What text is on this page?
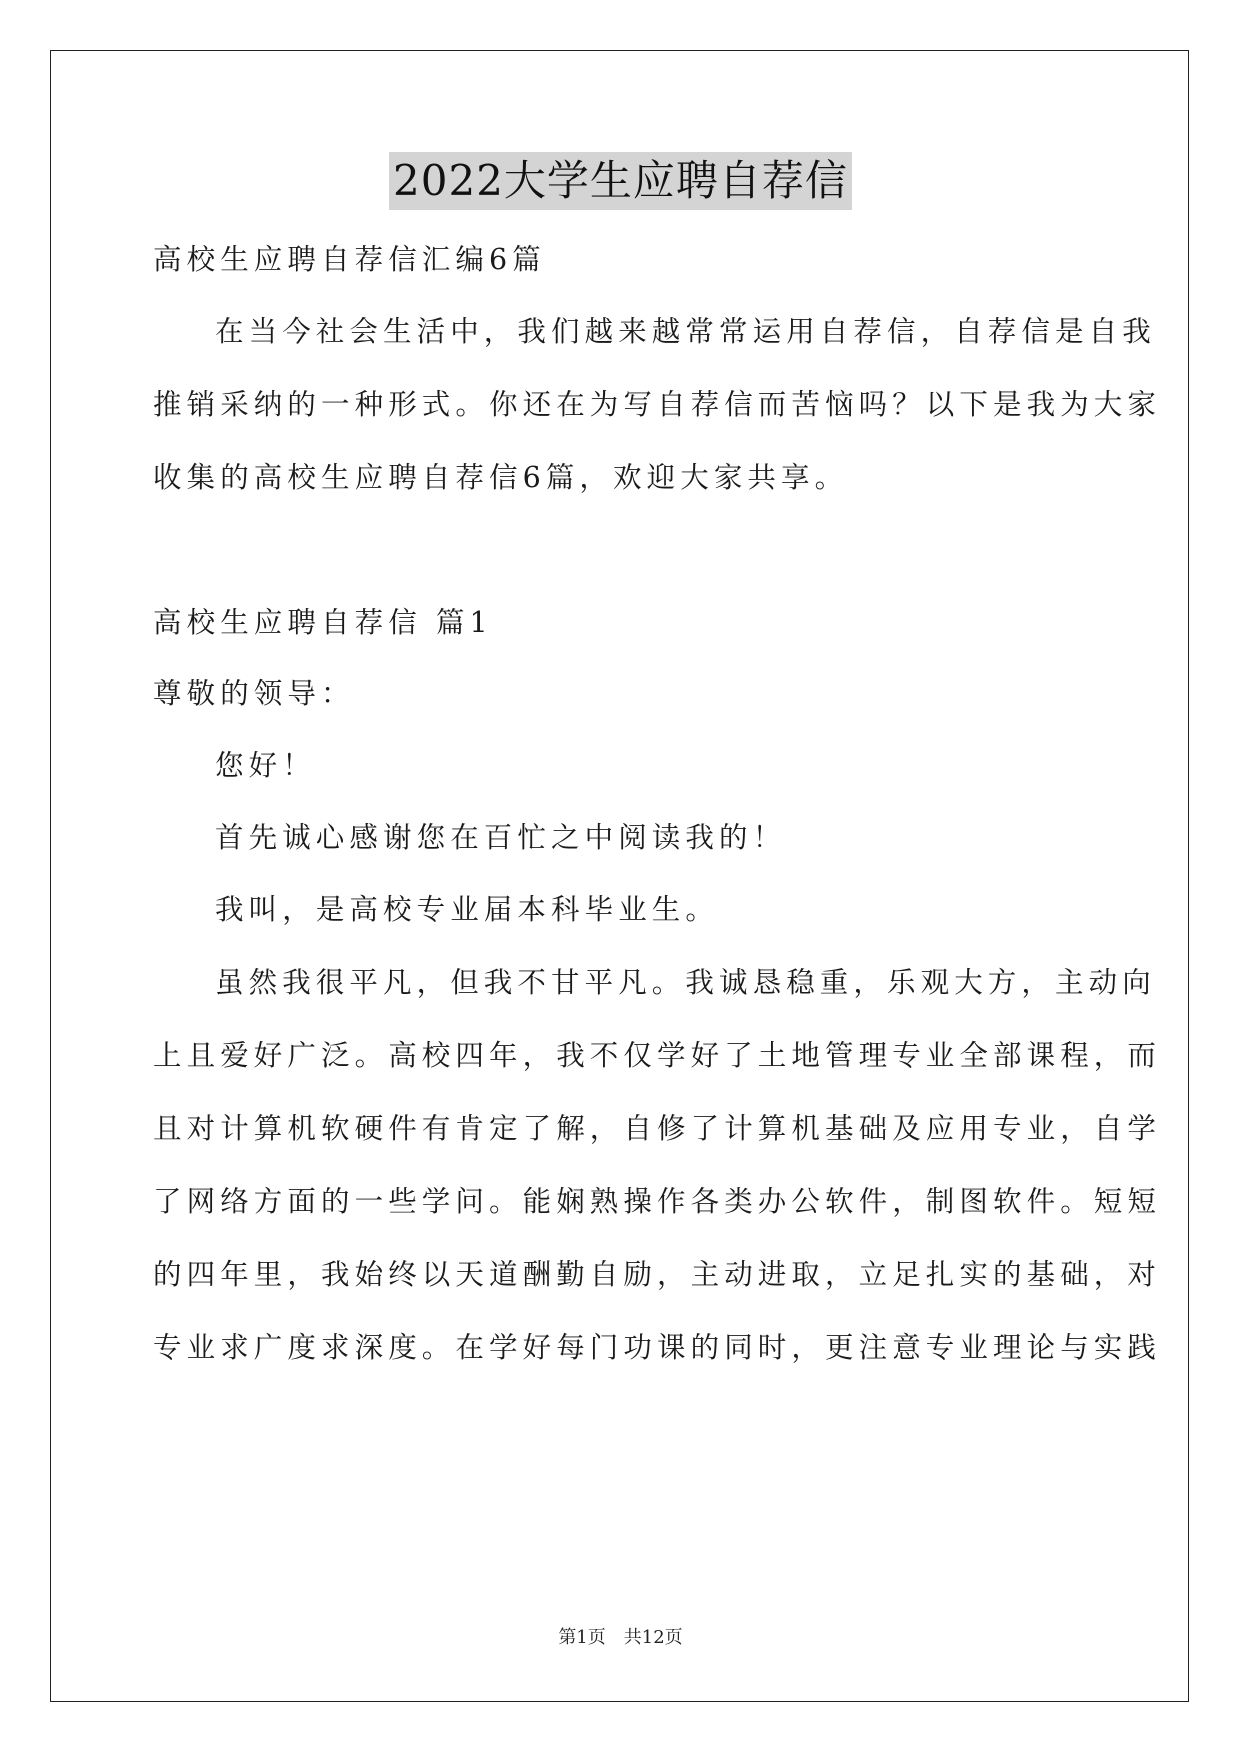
2022大学生应聘自荐信
高校生应聘自荐信汇编6篇
在当今社会生活中，我们越来越常常运用自荐信，自荐信是自我
推销采纳的一种形式。你还在为写自荐信而苦恼吗？以下是我为大家
收集的高校生应聘自荐信6篇，欢迎大家共享。
高校生应聘自荐信 篇1
尊敬的领导：
您好！
首先诚心感谢您在百忙之中阅读我的！
我叫，是高校专业届本科毕业生。
虽然我很平凡，但我不甘平凡。我诚恳稳重，乐观大方，主动向
上且爱好广泛。高校四年，我不仅学好了土地管理专业全部课程，而
且对计算机软硬件有肯定了解，自修了计算机基础及应用专业，自学
了网络方面的一些学问。能娴熟操作各类办公软件，制图软件。短短
的四年里，我始终以天道酬勤自励，主动进取，立足扎实的基础，对
专业求广度求深度。在学好每门功课的同时，更注意专业理论与实践
第1页　共12页
